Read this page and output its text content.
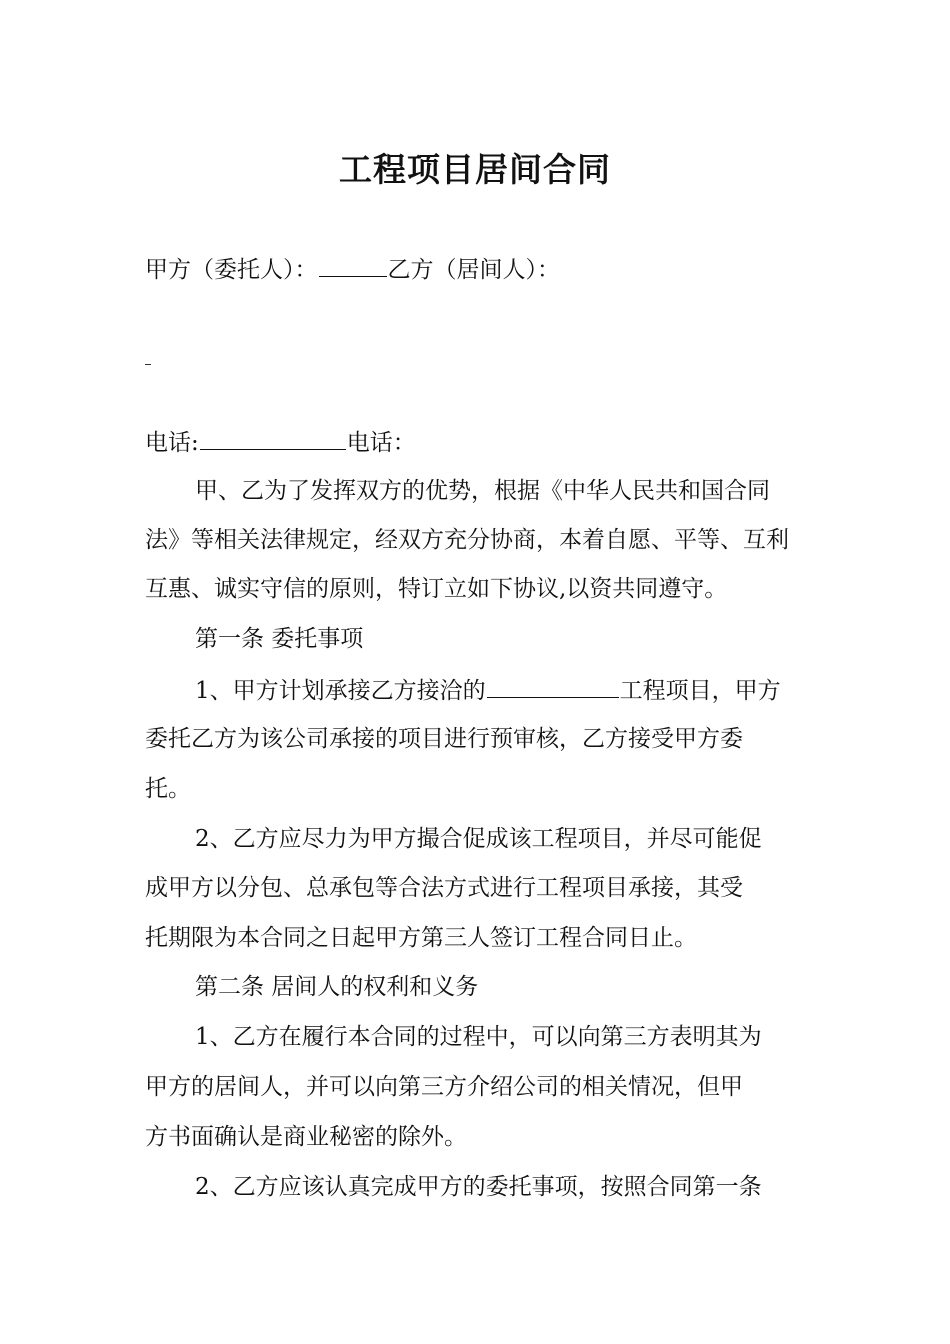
工程项目居间合同
甲方（委托人）：	乙方（居间人）：
电话:	电话：
甲、乙为了发挥双方的优势，根据《中华人民共和国合同
法》等相关法律规定，经双方充分协商，本着自愿、平等、互利
互惠、诚实守信的原则，特订立如下协议,以资共同遵守。
第一条 委托事项
1、甲方计划承接乙方接洽的	工程项目，甲方
委托乙方为该公司承接的项目进行预审核，乙方接受甲方委
托。
2、乙方应尽力为甲方撮合促成该工程项目，并尽可能促
成甲方以分包、总承包等合法方式进行工程项目承接，其受
托期限为本合同之日起甲方第三人签订工程合同日止。
第二条 居间人的权利和义务
1、乙方在履行本合同的过程中，可以向第三方表明其为
甲方的居间人，并可以向第三方介绍公司的相关情况，但甲
方书面确认是商业秘密的除外。
2、乙方应该认真完成甲方的委托事项，按照合同第一条
